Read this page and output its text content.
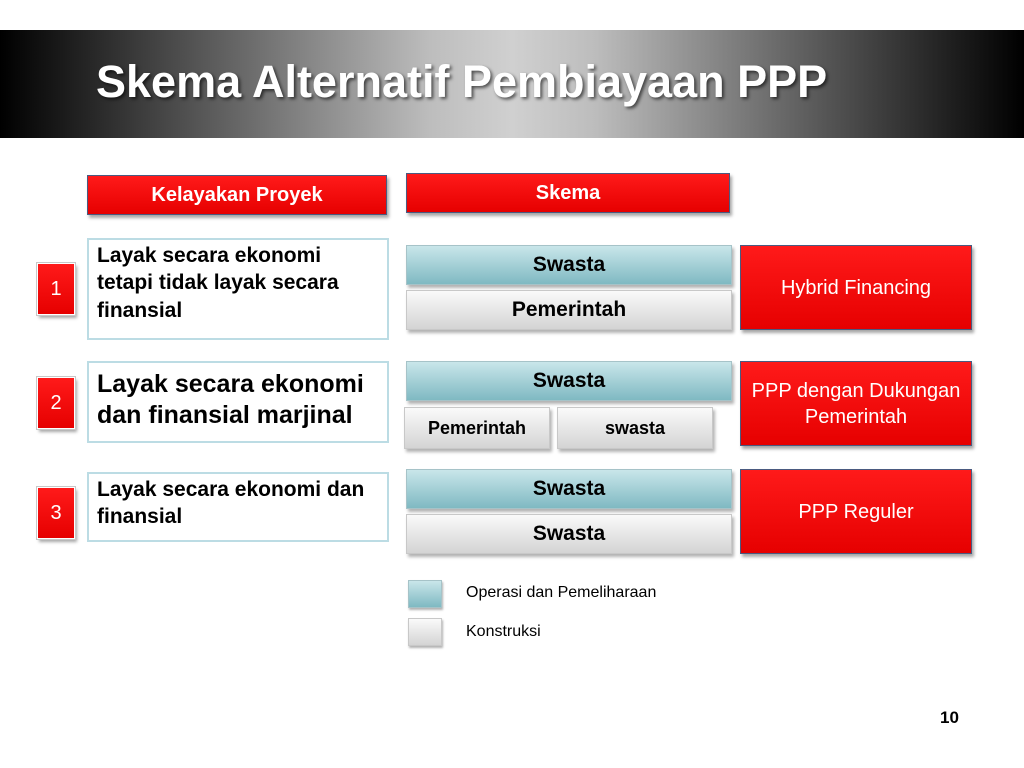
Skema Alternatif Pembiayaan PPP
Kelayakan Proyek	Skema
1
Layak secara ekonomi tetapi tidak layak secara finansial
Swasta
Pemerintah
Hybrid Financing
2
Layak secara ekonomi dan finansial marjinal
Swasta
Pemerintah	swasta
PPP dengan Dukungan Pemerintah
3
Layak secara ekonomi dan finansial
Swasta
Swasta
PPP Reguler
Operasi dan Pemeliharaan
Konstruksi
10
